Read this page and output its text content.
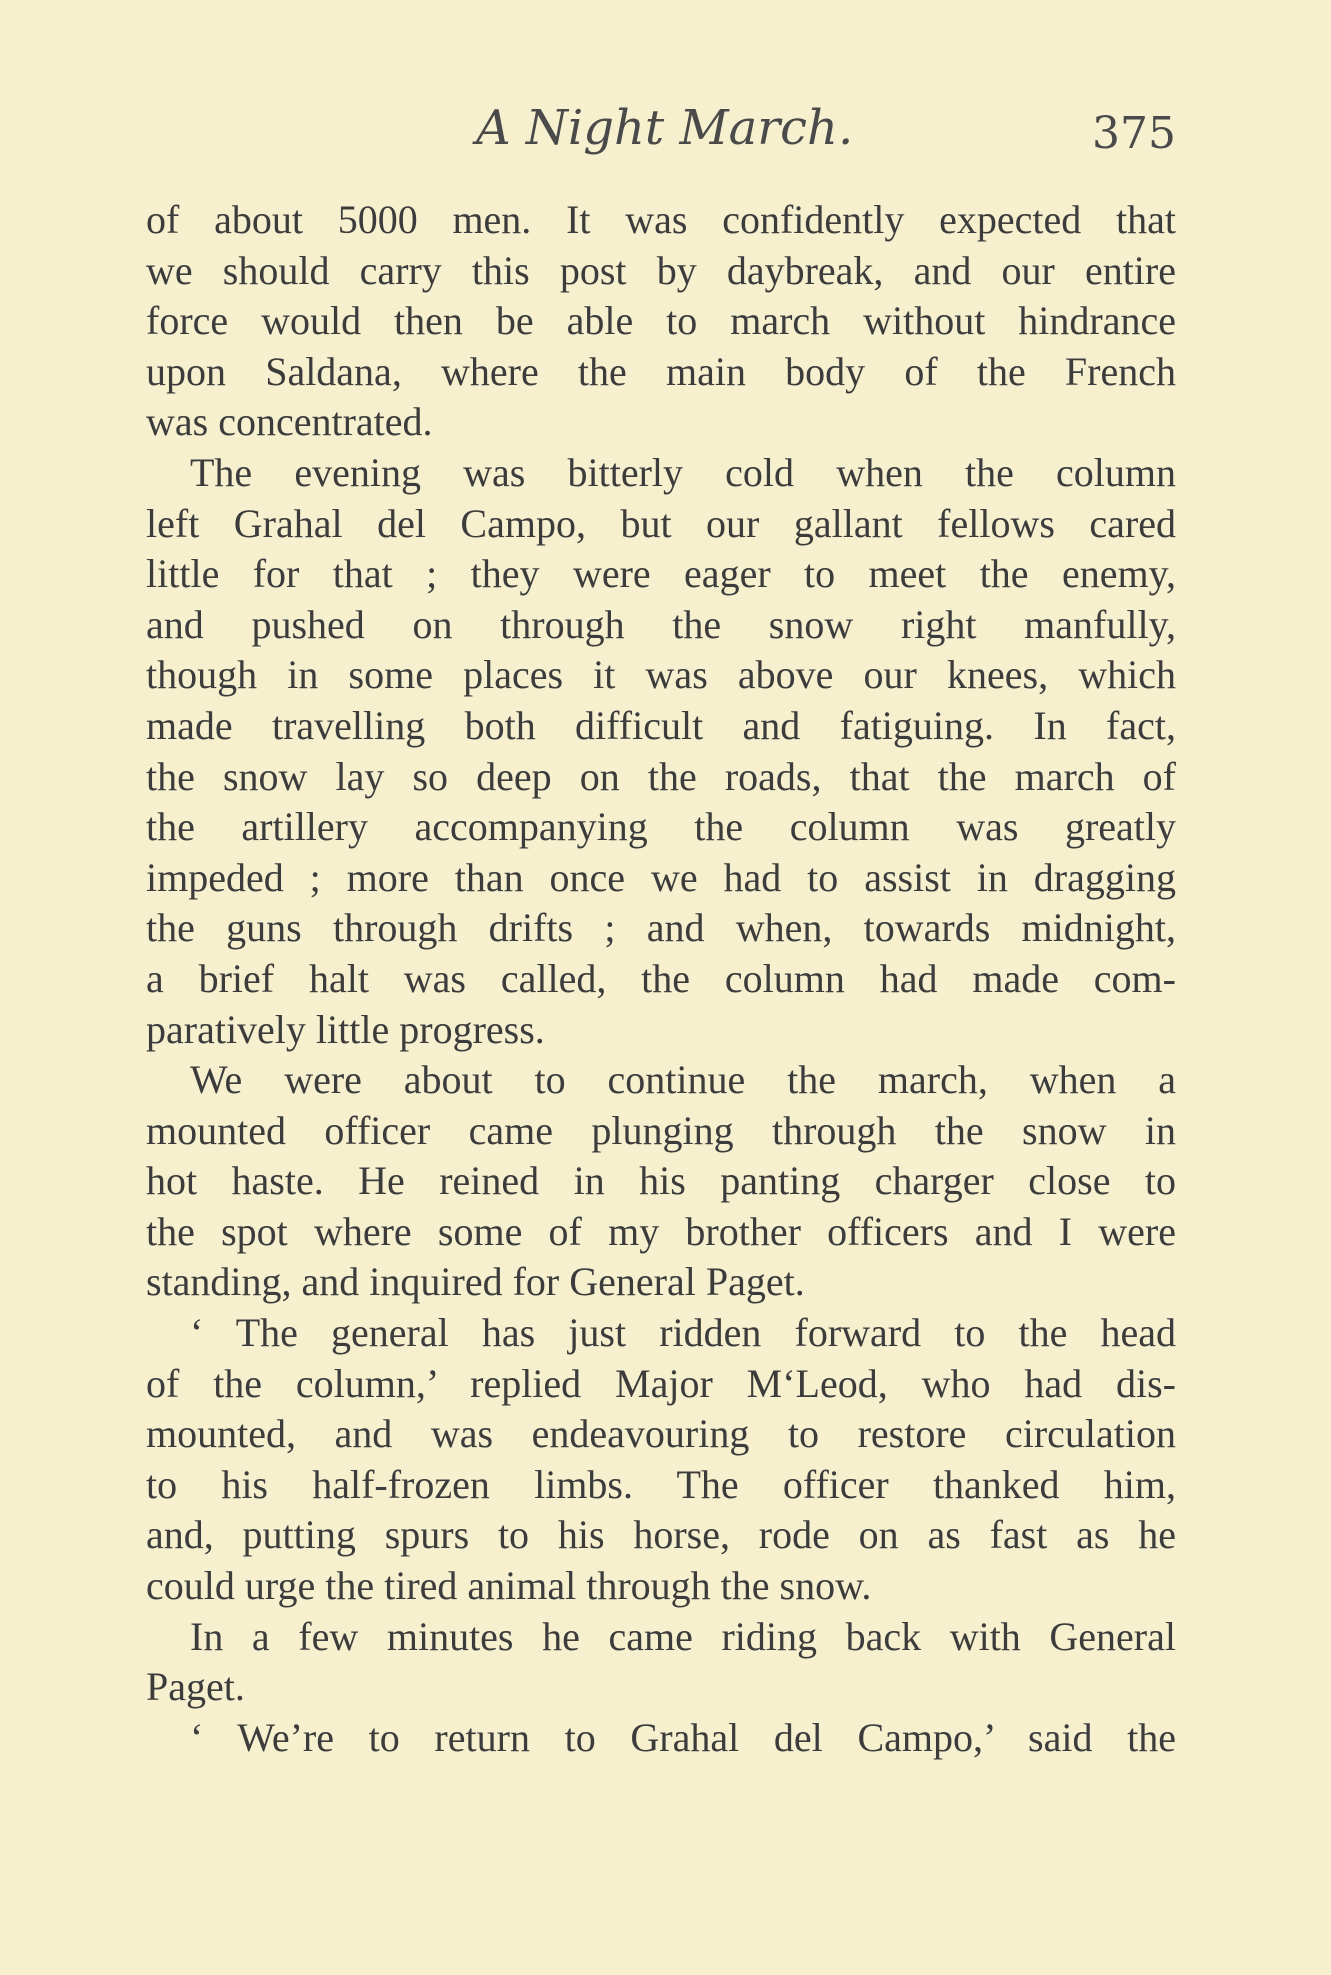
A Night March.	375
of about 5000 men. It was confidently expected that
we should carry this post by daybreak, and our entire
force would then be able to march without hindrance
upon Saldana, where the main body of the French
was concentrated.
The evening was bitterly cold when the column
left Grahal del Campo, but our gallant fellows cared
little for that ; they were eager to meet the enemy,
and pushed on through the snow right manfully,
though in some places it was above our knees, which
made travelling both difficult and fatiguing. In fact,
the snow lay so deep on the roads, that the march of
the artillery accompanying the column was greatly
impeded ; more than once we had to assist in dragging
the guns through drifts ; and when, towards midnight,
a brief halt was called, the column had made com-
paratively little progress.
We were about to continue the march, when a
mounted officer came plunging through the snow in
hot haste. He reined in his panting charger close to
the spot where some of my brother officers and I were
standing, and inquired for General Paget.
‘ The general has just ridden forward to the head
of the column,’ replied Major M‘Leod, who had dis-
mounted, and was endeavouring to restore circulation
to his half-frozen limbs. The officer thanked him,
and, putting spurs to his horse, rode on as fast as he
could urge the tired animal through the snow.
In a few minutes he came riding back with General
Paget.
‘ We’re to return to Grahal del Campo,’ said the
